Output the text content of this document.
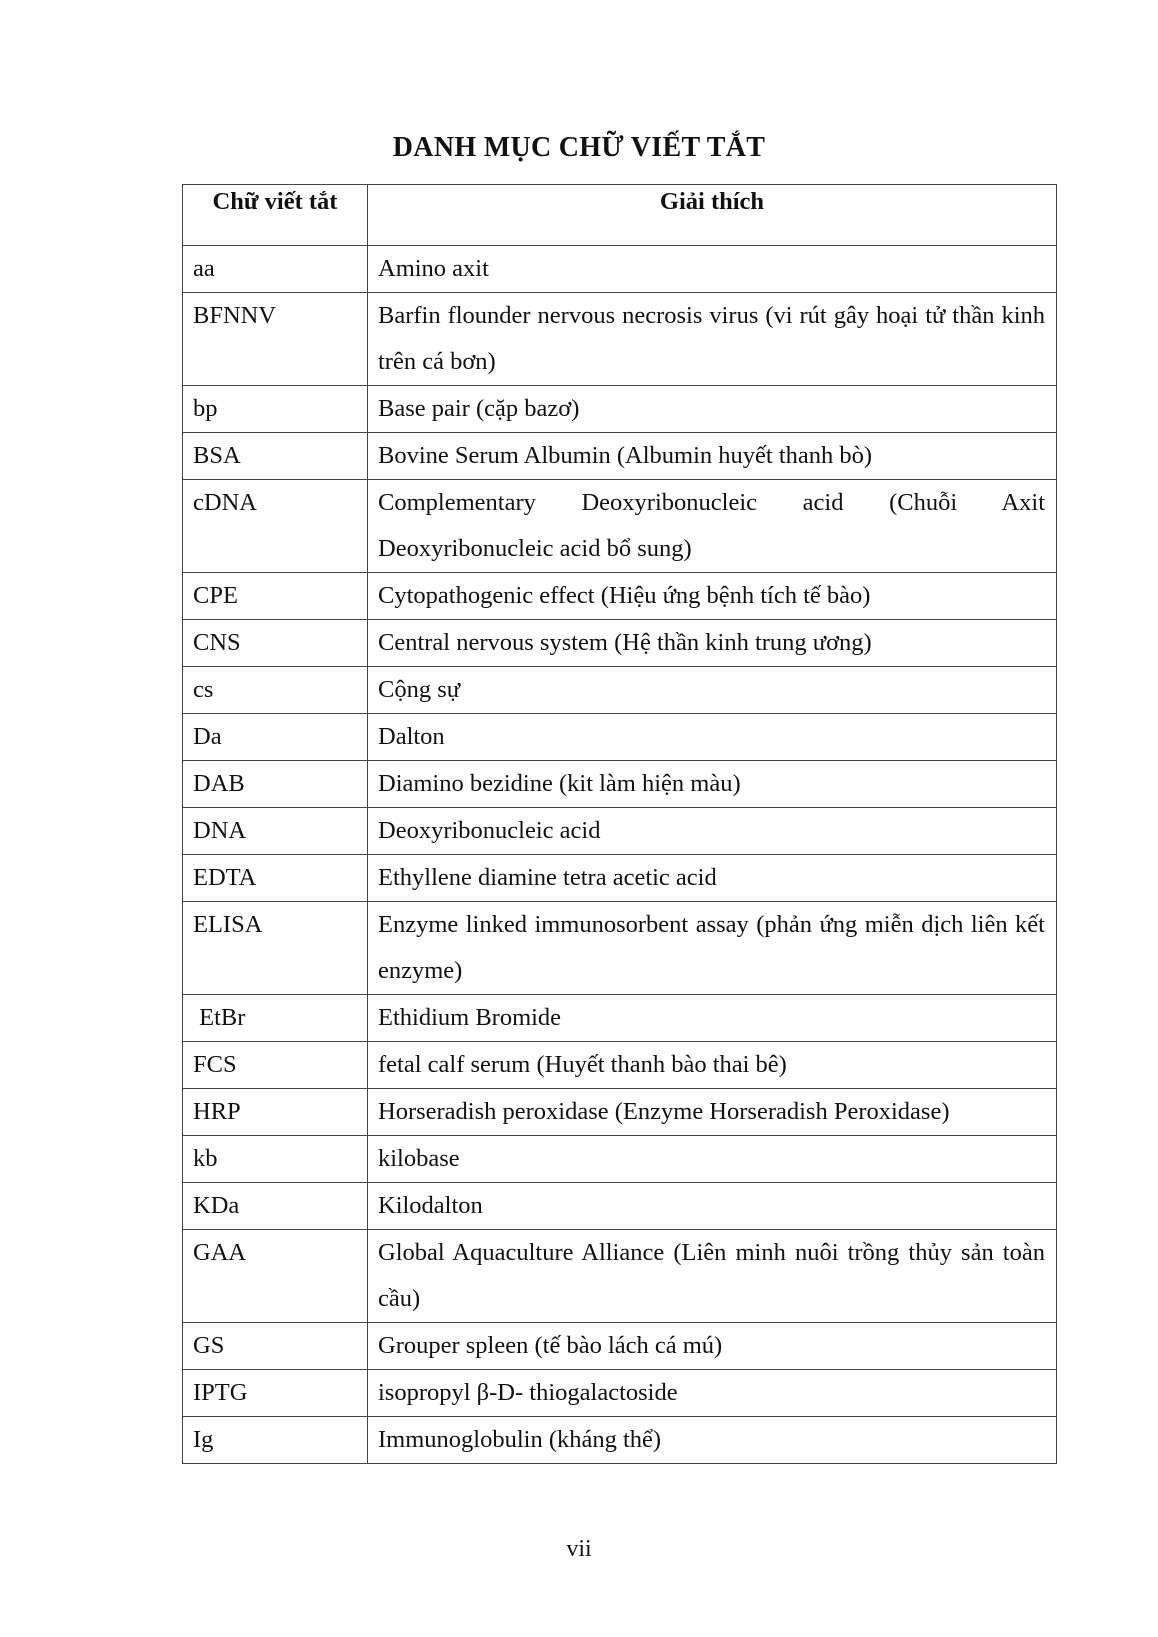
DANH MỤC CHỮ VIẾT TẮT
Chữ viết tắt	Giải thích
aa	Amino axit
BFNNV	Barfin flounder nervous necrosis virus (vi rút gây hoại tử thần kinh trên cá bơn)
bp	Base pair (cặp bazơ)
BSA	Bovine Serum Albumin (Albumin huyết thanh bò)
cDNA	Complementary Deoxyribonucleic acid (Chuỗi Axit Deoxyribonucleic acid bổ sung)
CPE	Cytopathogenic effect (Hiệu ứng bệnh tích tế bào)
CNS	Central nervous system (Hệ thần kinh trung ương)
cs	Cộng sự
Da	Dalton
DAB	Diamino bezidine (kit làm hiện màu)
DNA	Deoxyribonucleic acid
EDTA	Ethyllene diamine tetra acetic acid
ELISA	Enzyme linked immunosorbent assay (phản ứng miễn dịch liên kết enzyme)
EtBr	Ethidium Bromide
FCS	fetal calf serum (Huyết thanh bào thai bê)
HRP	Horseradish peroxidase (Enzyme Horseradish Peroxidase)
kb	kilobase
KDa	Kilodalton
GAA	Global Aquaculture Alliance (Liên minh nuôi trồng thủy sản toàn cầu)
GS	Grouper spleen (tế bào lách cá mú)
IPTG	isopropyl β-D- thiogalactoside
Ig	Immunoglobulin (kháng thể)
vii
